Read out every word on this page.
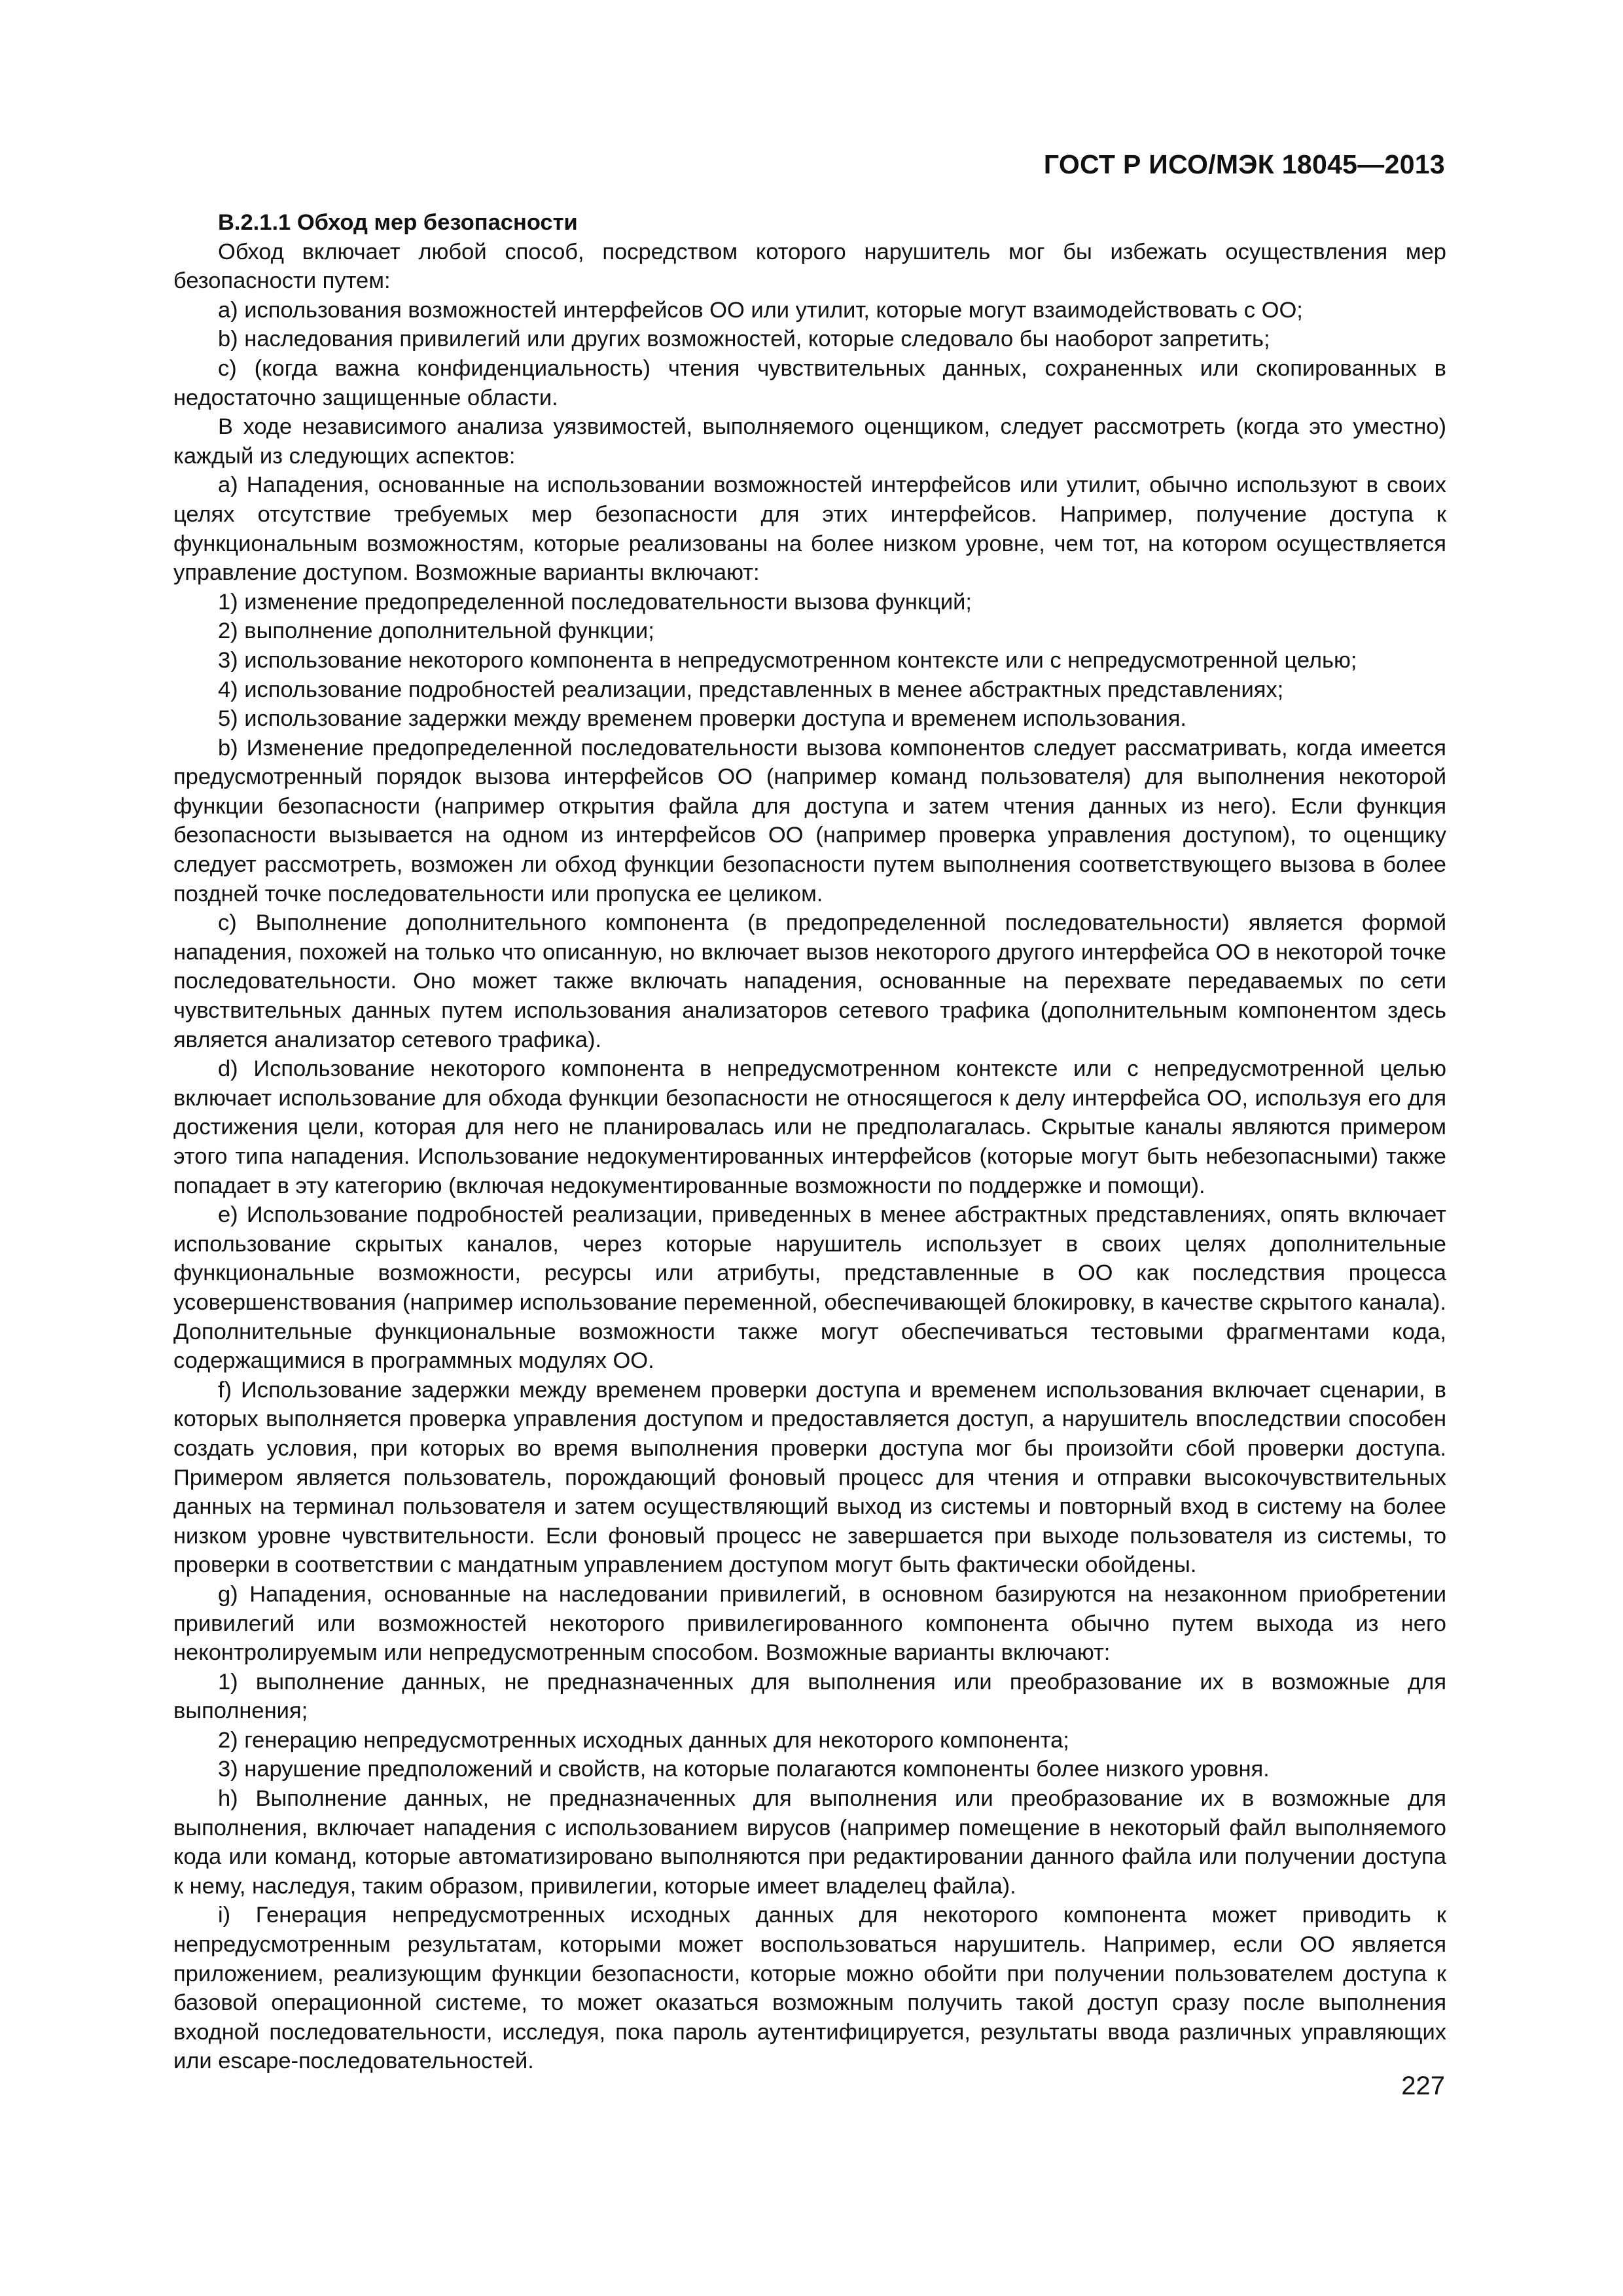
ГОСТ Р ИСО/МЭК 18045—2013

B.2.1.1 Обход мер безопасности

Обход включает любой способ, посредством которого нарушитель мог бы избежать осуществления мер безопасности путем:

a) использования возможностей интерфейсов ОО или утилит, которые могут взаимодействовать с ОО;

b) наследования привилегий или других возможностей, которые следовало бы наоборот запретить;

c) (когда важна конфиденциальность) чтения чувствительных данных, сохраненных или скопированных в недостаточно защищенные области.

В ходе независимого анализа уязвимостей, выполняемого оценщиком, следует рассмотреть (когда это уместно) каждый из следующих аспектов:

a) Нападения, основанные на использовании возможностей интерфейсов или утилит, обычно используют в своих целях отсутствие требуемых мер безопасности для этих интерфейсов. Например, получение доступа к функциональным возможностям, которые реализованы на более низком уровне, чем тот, на котором осуществляется управление доступом. Возможные варианты включают:

1) изменение предопределенной последовательности вызова функций;

2) выполнение дополнительной функции;

3) использование некоторого компонента в непредусмотренном контексте или с непредусмотренной целью;

4) использование подробностей реализации, представленных в менее абстрактных представлениях;

5) использование задержки между временем проверки доступа и временем использования.

b) Изменение предопределенной последовательности вызова компонентов следует рассматривать, когда имеется предусмотренный порядок вызова интерфейсов ОО (например команд пользователя) для выполнения некоторой функции безопасности (например открытия файла для доступа и затем чтения данных из него). Если функция безопасности вызывается на одном из интерфейсов ОО (например проверка управления доступом), то оценщику следует рассмотреть, возможен ли обход функции безопасности путем выполнения соответствующего вызова в более поздней точке последовательности или пропуска ее целиком.

c) Выполнение дополнительного компонента (в предопределенной последовательности) является формой нападения, похожей на только что описанную, но включает вызов некоторого другого интерфейса ОО в некоторой точке последовательности. Оно может также включать нападения, основанные на перехвате передаваемых по сети чувствительных данных путем использования анализаторов сетевого трафика (дополнительным компонентом здесь является анализатор сетевого трафика).

d) Использование некоторого компонента в непредусмотренном контексте или с непредусмотренной целью включает использование для обхода функции безопасности не относящегося к делу интерфейса ОО, используя его для достижения цели, которая для него не планировалась или не предполагалась. Скрытые каналы являются примером этого типа нападения. Использование недокументированных интерфейсов (которые могут быть небезопасными) также попадает в эту категорию (включая недокументированные возможности по поддержке и помощи).

e) Использование подробностей реализации, приведенных в менее абстрактных представлениях, опять включает использование скрытых каналов, через которые нарушитель использует в своих целях дополнительные функциональные возможности, ресурсы или атрибуты, представленные в ОО как последствия процесса усовершенствования (например использование переменной, обеспечивающей блокировку, в качестве скрытого канала). Дополнительные функциональные возможности также могут обеспечиваться тестовыми фрагментами кода, содержащимися в программных модулях ОО.

f) Использование задержки между временем проверки доступа и временем использования включает сценарии, в которых выполняется проверка управления доступом и предоставляется доступ, а нарушитель впоследствии способен создать условия, при которых во время выполнения проверки доступа мог бы произойти сбой проверки доступа. Примером является пользователь, порождающий фоновый процесс для чтения и отправки высокочувствительных данных на терминал пользователя и затем осуществляющий выход из системы и повторный вход в систему на более низком уровне чувствительности. Если фоновый процесс не завершается при выходе пользователя из системы, то проверки в соответствии с мандатным управлением доступом могут быть фактически обойдены.

g) Нападения, основанные на наследовании привилегий, в основном базируются на незаконном приобретении привилегий или возможностей некоторого привилегированного компонента обычно путем выхода из него неконтролируемым или непредусмотренным способом. Возможные варианты включают:

1) выполнение данных, не предназначенных для выполнения или преобразование их в возможные для выполнения;

2) генерацию непредусмотренных исходных данных для некоторого компонента;

3) нарушение предположений и свойств, на которые полагаются компоненты более низкого уровня.

h) Выполнение данных, не предназначенных для выполнения или преобразование их в возможные для выполнения, включает нападения с использованием вирусов (например помещение в некоторый файл выполняемого кода или команд, которые автоматизировано выполняются при редактировании данного файла или получении доступа к нему, наследуя, таким образом, привилегии, которые имеет владелец файла).

i) Генерация непредусмотренных исходных данных для некоторого компонента может приводить к непредусмотренным результатам, которыми может воспользоваться нарушитель. Например, если ОО является приложением, реализующим функции безопасности, которые можно обойти при получении пользователем доступа к базовой операционной системе, то может оказаться возможным получить такой доступ сразу после выполнения входной последовательности, исследуя, пока пароль аутентифицируется, результаты ввода различных управляющих или escape-последовательностей.

227
